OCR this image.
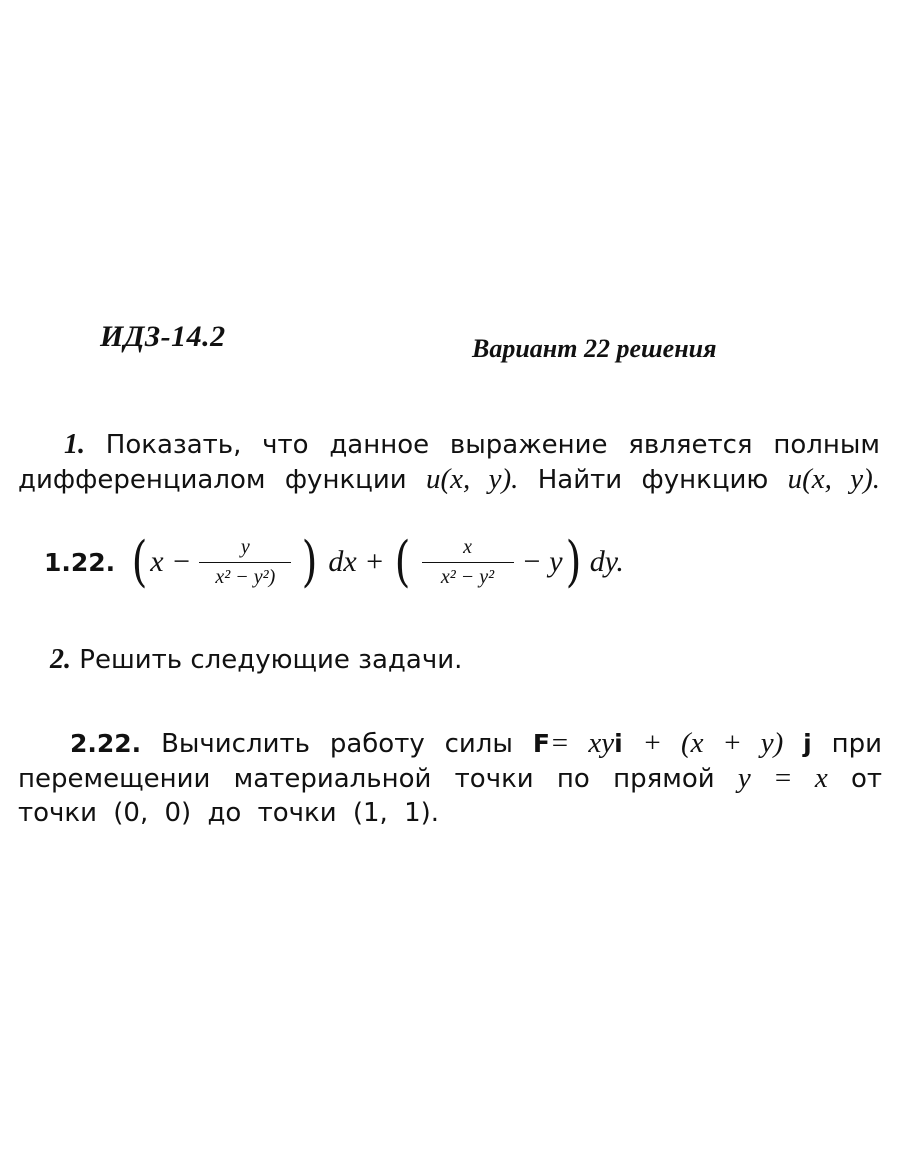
ИДЗ-14.2	Вариант 22 решения
1. Показать, что данное выражение является полным
дифференциалом функции u(x, y). Найти функцию u(x, y).
1.22. ( $x - \frac{y}{\text{x² − y²)}}$ ) dx + ( $\frac{x}{\text{x² − y²}} - y$ ) dy.
2. Решить следующие задачи.
2.22. Вычислить работу силы F= xyi + (x + y) j при
перемещении материальной точки по прямой y = x от
точки (0, 0) до точки (1, 1).
